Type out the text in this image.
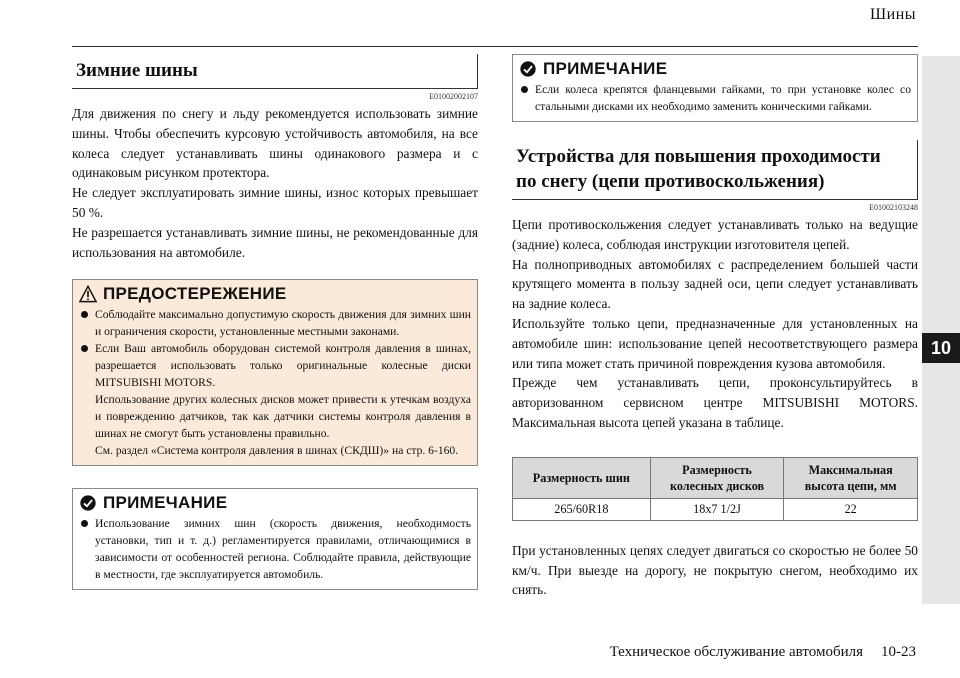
Шины
10
Зимние шины
E01002002107

Для движения по снегу и льду рекомендуется использовать зимние шины. Чтобы обеспечить курсовую устойчивость автомобиля, на все колеса следует устанавливать шины одинакового размера и с одинаковым рисунком протектора.

Не следует эксплуатировать зимние шины, износ которых превышает 50 %.

Не разрешается устанавливать зимние шины, не рекомендованные для использования на автомобиле.

ПРЕДОСТЕРЕЖЕНИЕ
Соблюдайте максимально допустимую скорость движения для зимних шин и ограничения скорости, установленные местными законами.
Если Ваш автомобиль оборудован системой контроля давления в шинах, разрешается использовать только оригинальные колесные диски MITSUBISHI MOTORS.
Использование других колесных дисков может привести к утечкам воздуха и повреждению датчиков, так как датчики системы контроля давления в шинах не смогут быть установлены правильно.
См. раздел «Система контроля давления в шинах (СКДШ)» на стр. 6-160.
ПРИМЕЧАНИЕ
Использование зимних шин (скорость движения, необходимость установки, тип и т. д.) регламентируется правилами, отличающимися в зависимости от особенностей региона. Соблюдайте правила, действующие в местности, где эксплуатируется автомобиль.
ПРИМЕЧАНИЕ
Если колеса крепятся фланцевыми гайками, то при установке колес со стальными дисками их необходимо заменить коническими гайками.
Устройства для повышения проходимости
по снегу (цепи противоскольжения)
E01002103248

Цепи противоскольжения следует устанавливать только на ведущие (задние) колеса, соблюдая инструкции изготовителя цепей.

На полноприводных автомобилях с распределением большей части крутящего момента в пользу задней оси, цепи следует устанавливать на задние колеса.

Используйте только цепи, предназначенные для установленных на автомобиле шин: использование цепей несоответствующего размера или типа может стать причиной повреждения кузова автомобиля.

Прежде чем устанавливать цепи, проконсультируйтесь в авторизованном сервисном центре MITSUBISHI MOTORS. Максимальная высота цепей указана в таблице.

Размерность шин	Размерность колесных дисков	Максимальная высота цепи, мм
265/60R18	18x7 1/2J	22

При установленных цепях следует двигаться со скоростью не более 50 км/ч. При выезде на дорогу, не покрытую снегом, необходимо их снять.

Техническое обслуживание автомобиля 10-23
